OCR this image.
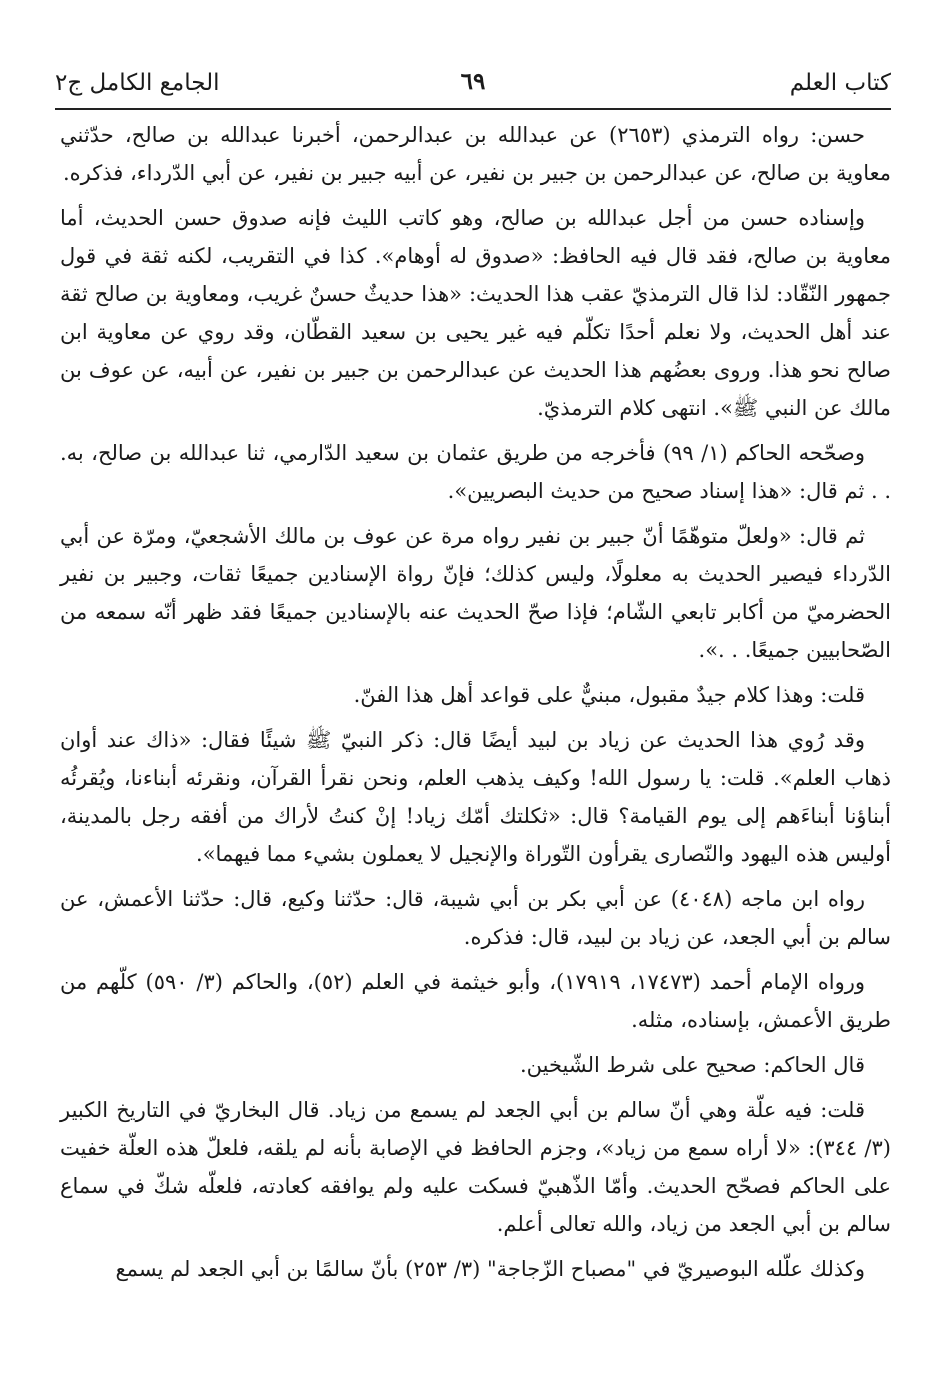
كتاب العلم
٦٩
الجامع الكامل ج٢

حسن: رواه الترمذي (٢٦٥٣) عن عبدالله بن عبدالرحمن، أخبرنا عبدالله بن صالح، حدّثني معاوية بن صالح، عن عبدالرحمن بن جبير بن نفير، عن أبيه جبير بن نفير، عن أبي الدّرداء، فذكره.

وإسناده حسن من أجل عبدالله بن صالح، وهو كاتب الليث فإنه صدوق حسن الحديث، أما معاوية بن صالح، فقد قال فيه الحافظ: «صدوق له أوهام». كذا في التقريب، لكنه ثقة في قول جمهور النّقّاد: لذا قال الترمذيّ عقب هذا الحديث: «هذا حديثٌ حسنٌ غريب، ومعاوية بن صالح ثقة عند أهل الحديث، ولا نعلم أحدًا تكلّم فيه غير يحيى بن سعيد القطّان، وقد روي عن معاوية ابن صالح نحو هذا. وروى بعضُهم هذا الحديث عن عبدالرحمن بن جبير بن نفير، عن أبيه، عن عوف بن مالك عن النبي ﷺ». انتهى كلام الترمذيّ.

وصحّحه الحاكم (١/ ٩٩) فأخرجه من طريق عثمان بن سعيد الدّارمي، ثنا عبدالله بن صالح، به. . . ثم قال: «هذا إسناد صحيح من حديث البصريين».

ثم قال: «ولعلّ متوهّمًا أنّ جبير بن نفير رواه مرة عن عوف بن مالك الأشجعيّ، ومرّة عن أبي الدّرداء فيصير الحديث به معلولًا، وليس كذلك؛ فإنّ رواة الإسنادين جميعًا ثقات، وجبير بن نفير الحضرميّ من أكابر تابعي الشّام؛ فإذا صحّ الحديث عنه بالإسنادين جميعًا فقد ظهر أنّه سمعه من الصّحابيين جميعًا. . .».

قلت: وهذا كلام جيدٌ مقبول، مبنيٌّ على قواعد أهل هذا الفنّ.

وقد رُوي هذا الحديث عن زياد بن لبيد أيضًا قال: ذكر النبيّ ﷺ شيئًا فقال: «ذاك عند أوان ذهاب العلم». قلت: يا رسول الله! وكيف يذهب العلم، ونحن نقرأ القرآن، ونقرئه أبناءنا، ويُقرئُه أبناؤنا أبناءَهم إلى يوم القيامة؟ قال: «ثكلتك أمّك زياد! إنْ كنتُ لأراك من أفقه رجل بالمدينة، أوليس هذه اليهود والنّصارى يقرأون التّوراة والإنجيل لا يعملون بشيء مما فيهما».

رواه ابن ماجه (٤٠٤٨) عن أبي بكر بن أبي شيبة، قال: حدّثنا وكيع، قال: حدّثنا الأعمش، عن سالم بن أبي الجعد، عن زياد بن لبيد، قال: فذكره.

ورواه الإمام أحمد (١٧٤٧٣، ١٧٩١٩)، وأبو خيثمة في العلم (٥٢)، والحاكم (٣/ ٥٩٠) كلّهم من طريق الأعمش، بإسناده، مثله.

قال الحاكم: صحيح على شرط الشّيخين.

قلت: فيه علّة وهي أنّ سالم بن أبي الجعد لم يسمع من زياد. قال البخاريّ في التاريخ الكبير (٣/ ٣٤٤): «لا أراه سمع من زياد»، وجزم الحافظ في الإصابة بأنه لم يلقه، فلعلّ هذه العلّة خفيت على الحاكم فصحّح الحديث. وأمّا الذّهبيّ فسكت عليه ولم يوافقه كعادته، فلعلّه شكّ في سماع سالم بن أبي الجعد من زياد، والله تعالى أعلم.

وكذلك علّله البوصيريّ في "مصباح الزّجاجة" (٣/ ٢٥٣) بأنّ سالمًا بن أبي الجعد لم يسمع
